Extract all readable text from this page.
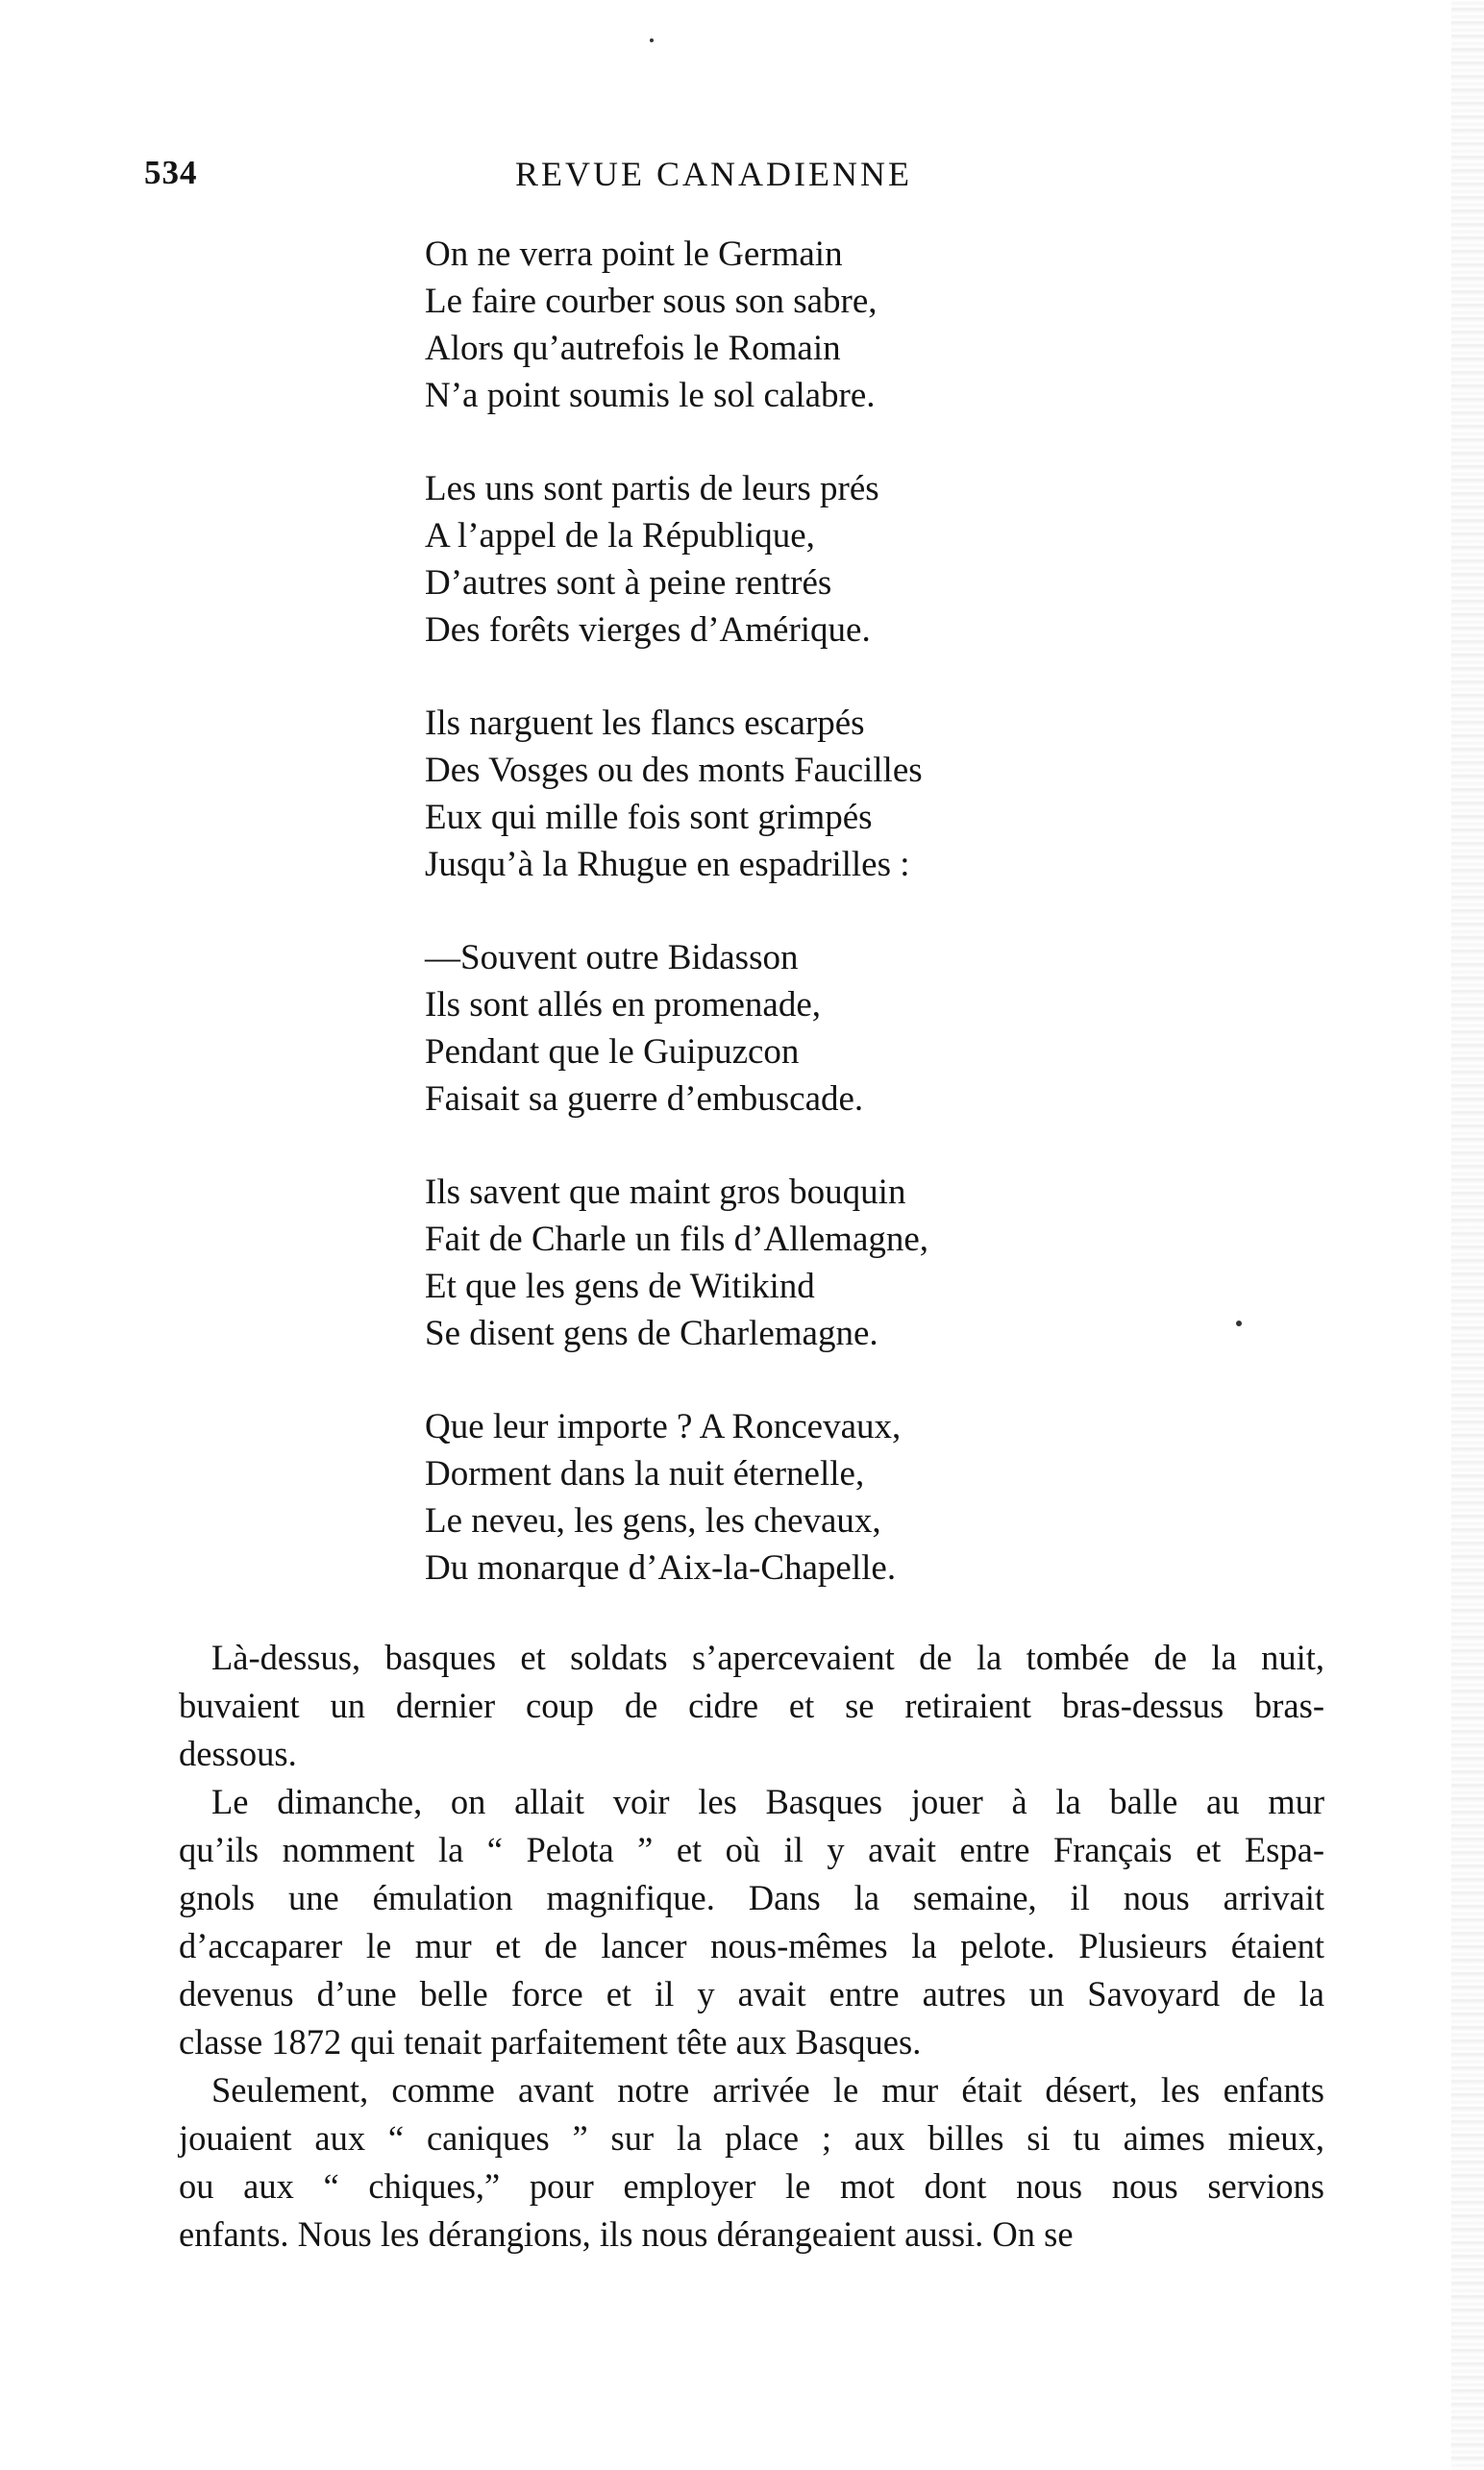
534	REVUE CANADIENNE
On ne verra point le Germain
Le faire courber sous son sabre,
Alors qu’autrefois le Romain
N’a point soumis le sol calabre.
Les uns sont partis de leurs prés
A l’appel de la République,
D’autres sont à peine rentrés
Des forêts vierges d’Amérique.
Ils narguent les flancs escarpés
Des Vosges ou des monts Faucilles
Eux qui mille fois sont grimpés
Jusqu’à la Rhugue en espadrilles :
—Souvent outre Bidasson
Ils sont allés en promenade,
Pendant que le Guipuzcon
Faisait sa guerre d’embuscade.
Ils savent que maint gros bouquin
Fait de Charle un fils d’Allemagne,
Et que les gens de Witikind
Se disent gens de Charlemagne.
Que leur importe ? A Roncevaux,
Dorment dans la nuit éternelle,
Le neveu, les gens, les chevaux,
Du monarque d’Aix-la-Chapelle.
Là-dessus, basques et soldats s’apercevaient de la tombée de la nuit,
buvaient un dernier coup de cidre et se retiraient bras-dessus bras-
dessous.
Le dimanche, on allait voir les Basques jouer à la balle au mur
qu’ils nomment la “ Pelota ” et où il y avait entre Français et Espa-
gnols une émulation magnifique. Dans la semaine, il nous arrivait
d’accaparer le mur et de lancer nous-mêmes la pelote. Plusieurs étaient
devenus d’une belle force et il y avait entre autres un Savoyard de la
classe 1872 qui tenait parfaitement tête aux Basques.
Seulement, comme avant notre arrivée le mur était désert, les enfants
jouaient aux “ caniques ” sur la place ; aux billes si tu aimes mieux,
ou aux “ chiques,” pour employer le mot dont nous nous servions
enfants. Nous les dérangions, ils nous dérangeaient aussi. On se
